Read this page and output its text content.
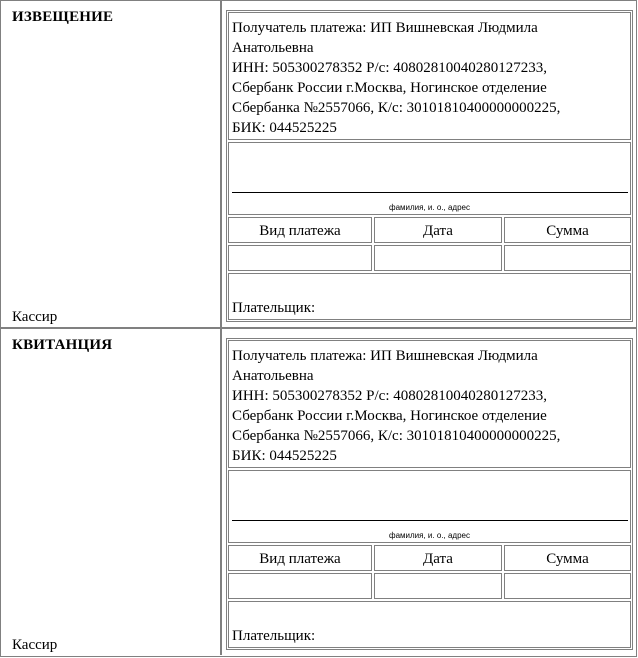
ИЗВЕЩЕНИЕ
Кассир
Получатель платежа: ИП Вишневская Людмила
Анатольевна
ИНН: 505300278352 Р/с: 40802810040280127233,
Сбербанк России г.Москва, Ногинское отделение
Сбербанка №2557066, К/с: 30101810400000000225,
БИК: 044525225
фамилия, и. о., адрес
Вид платежа	Дата	Сумма
Плательщик:
КВИТАНЦИЯ
Кассир
Получатель платежа: ИП Вишневская Людмила
Анатольевна
ИНН: 505300278352 Р/с: 40802810040280127233,
Сбербанк России г.Москва, Ногинское отделение
Сбербанка №2557066, К/с: 30101810400000000225,
БИК: 044525225
фамилия, и. о., адрес
Вид платежа	Дата	Сумма
Плательщик:
